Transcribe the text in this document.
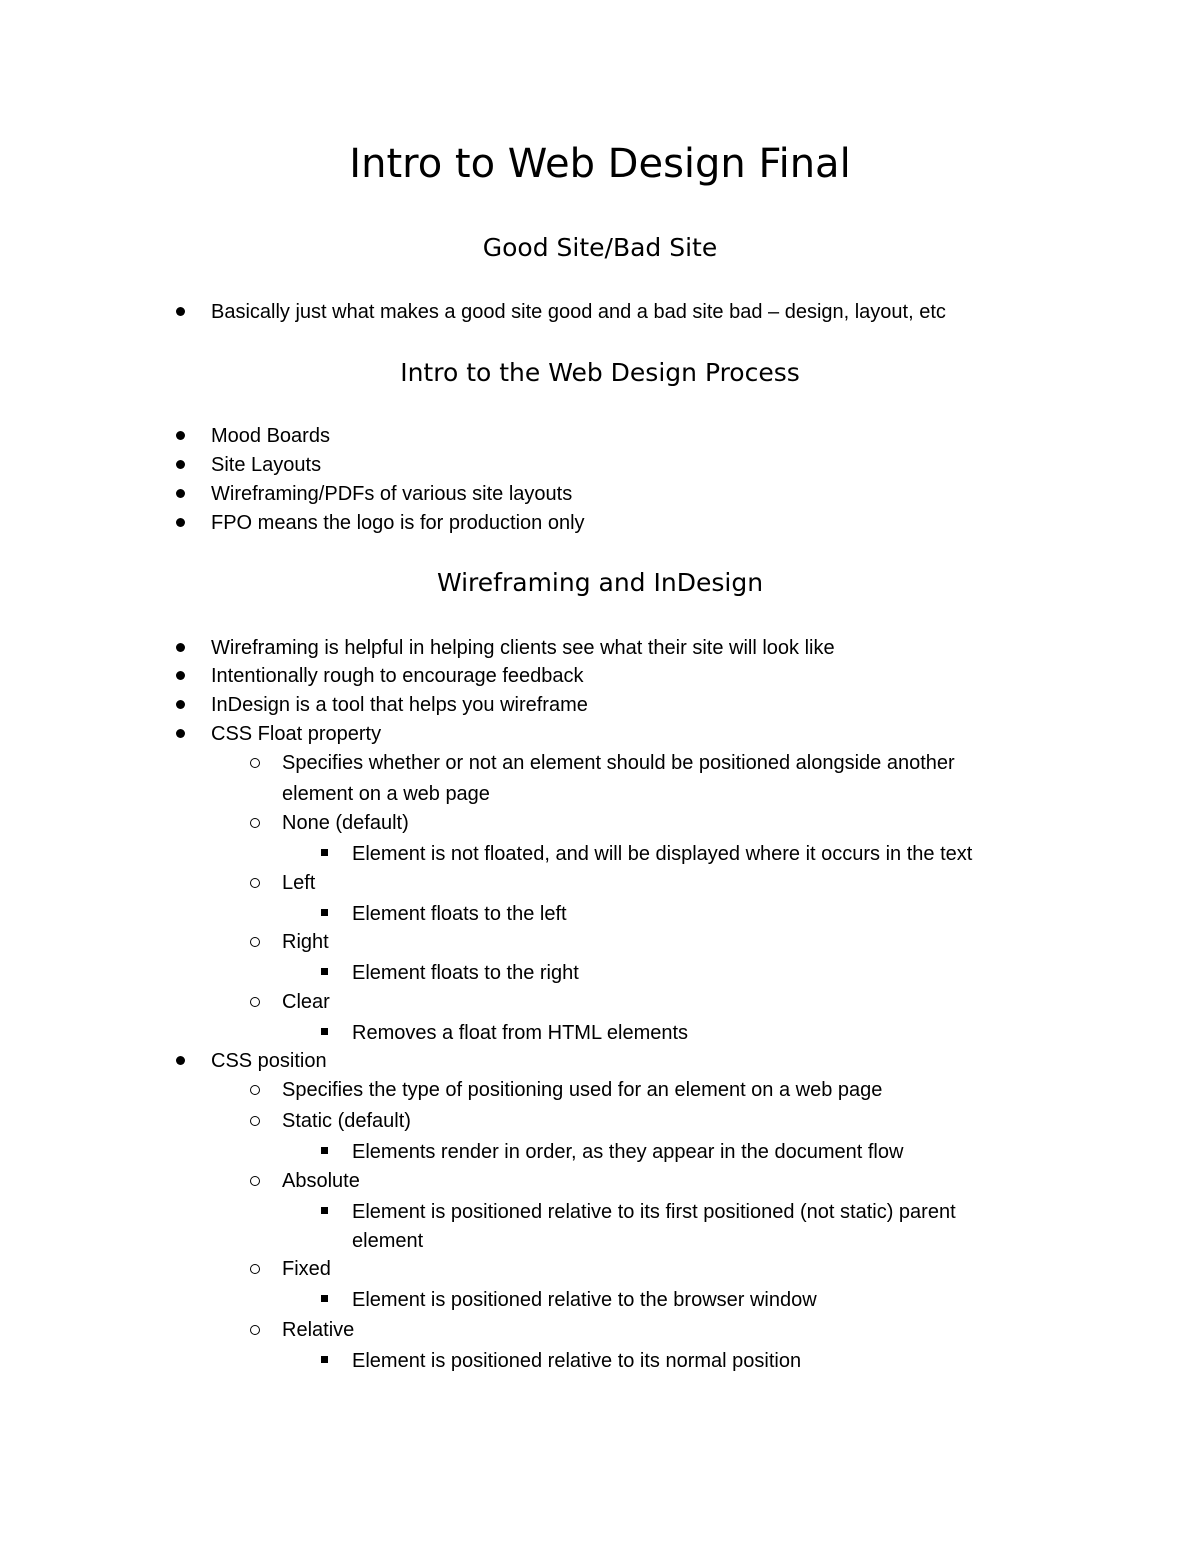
Intro to Web Design Final
Good Site/Bad Site
Basically just what makes a good site good and a bad site bad – design, layout, etc
Intro to the Web Design Process
Mood Boards
Site Layouts
Wireframing/PDFs of various site layouts
FPO means the logo is for production only
Wireframing and InDesign
Wireframing is helpful in helping clients see what their site will look like
Intentionally rough to encourage feedback
InDesign is a tool that helps you wireframe
CSS Float property
Specifies whether or not an element should be positioned alongside another
element on a web page
None (default)
Element is not floated, and will be displayed where it occurs in the text
Left
Element floats to the left
Right
Element floats to the right
Clear
Removes a float from HTML elements
CSS position
Specifies the type of positioning used for an element on a web page
Static (default)
Elements render in order, as they appear in the document flow
Absolute
Element is positioned relative to its first positioned (not static) parent
element
Fixed
Element is positioned relative to the browser window
Relative
Element is positioned relative to its normal position
